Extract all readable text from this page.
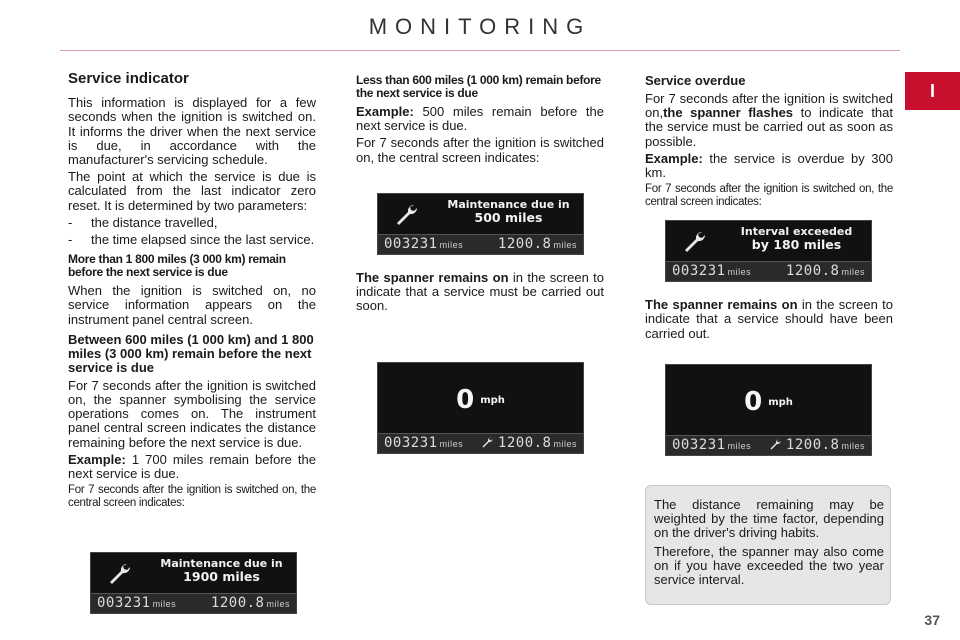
MONITORING
I
Service indicator

This information is displayed for a few seconds when the ignition is switched on. It informs the driver when the next service is due, in accordance with the manufacturer's servicing schedule.

The point at which the service is due is calculated from the last indicator zero reset. It is determined by two parameters:

- the distance travelled,
- the time elapsed since the last service.
More than 1 800 miles (3 000 km) remain before the next service is due

When the ignition is switched on, no service information appears on the instrument panel central screen.

Between 600 miles (1 000 km) and 1 800 miles (3 000 km) remain before the next service is due

For 7 seconds after the ignition is switched on, the spanner symbolising the service operations comes on. The instrument panel central screen indicates the distance remaining before the next service is due.

Example: 1 700 miles remain before the next service is due.

For 7 seconds after the ignition is switched on, the central screen indicates:

Less than 600 miles (1 000 km) remain before the next service is due

Example: 500 miles remain before the next service is due.

For 7 seconds after the ignition is switched on, the central screen indicates:

The spanner remains on in the screen to indicate that a service must be carried out soon.

Service overdue

For 7 seconds after the ignition is switched on,the spanner flashes to indicate that the service must be carried out as soon as possible.

Example: the service is overdue by 300 km.

For 7 seconds after the ignition is switched on, the central screen indicates:

The spanner remains on in the screen to indicate that a service should have been carried out.

Maintenance due in
1900 miles
003231 miles 1200.8 miles
Maintenance due in
500 miles
003231 miles 1200.8 miles
Interval exceeded
by 180 miles
003231 miles 1200.8 miles
0 mph
003231 miles 1200.8 miles
0 mph
003231 miles 1200.8 miles

The distance remaining may be weighted by the time factor, depending on the driver's driving habits.

Therefore, the spanner may also come on if you have exceeded the two year service interval.

37
